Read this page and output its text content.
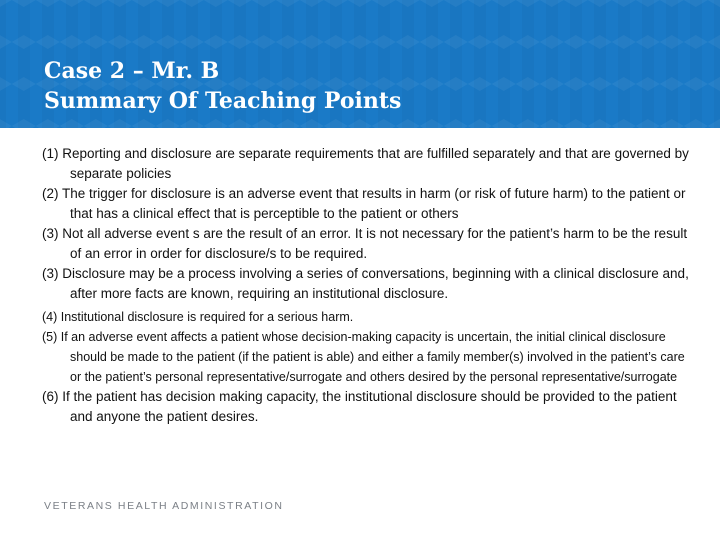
Case 2 – Mr. B
Summary Of Teaching Points
(1) Reporting and disclosure are separate requirements that are fulfilled separately and that are governed by separate policies
(2) The trigger for disclosure is an adverse event that results in harm (or risk of future harm) to the patient or that has a clinical effect that is perceptible to the patient or others
(3) Not all adverse event s are the result of an error. It is not necessary for the patient’s harm to be the result of an error in order for disclosure/s to be required.
(3) Disclosure may be a process involving a series of conversations, beginning with a clinical disclosure and, after more facts are known, requiring an institutional disclosure.
(4) Institutional disclosure is required for a serious harm.
(5) If an adverse event affects a patient whose decision-making capacity is uncertain, the initial clinical disclosure should be made to the patient (if the patient is able) and either a family member(s) involved in the patient’s care or the patient’s personal representative/surrogate and others desired by the personal representative/surrogate
(6) If the patient has decision making capacity, the institutional disclosure should be provided to the patient and anyone the patient desires.
VETERANS HEALTH ADMINISTRATION
